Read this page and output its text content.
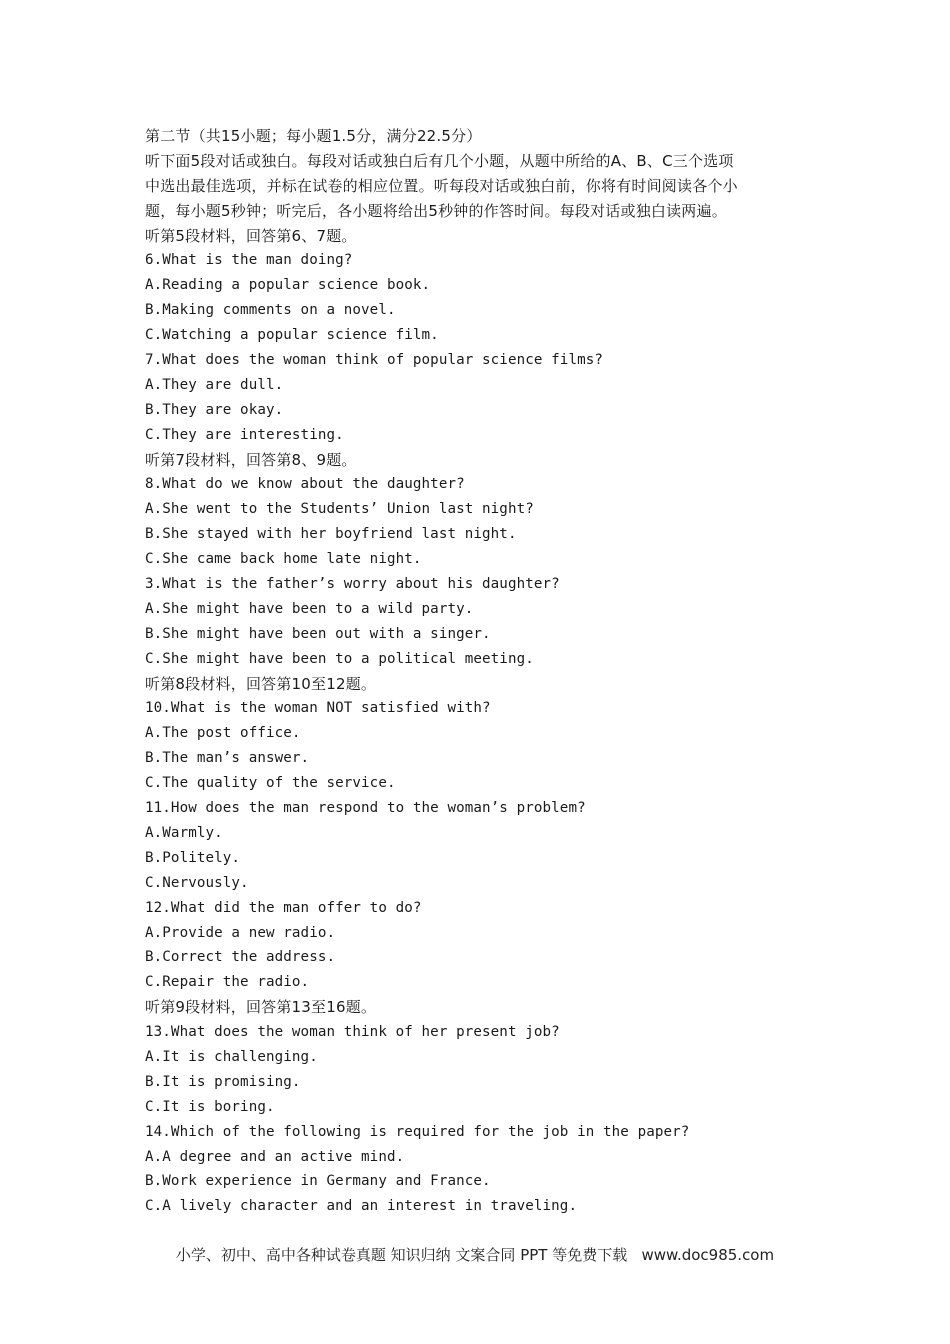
第二节（共15小题；每小题1.5分，满分22.5分）
听下面5段对话或独白。每段对话或独白后有几个小题，从题中所给的A、B、C三个选项
中选出最佳选项，并标在试卷的相应位置。听每段对话或独白前，你将有时间阅读各个小
题，每小题5秒钟；听完后，各小题将给出5秒钟的作答时间。每段对话或独白读两遍。
听第5段材料，回答第6、7题。
6.What is the man doing?
A.Reading a popular science book.
B.Making comments on a novel.
C.Watching a popular science film.
7.What does the woman think of popular science films?
A.They are dull.
B.They are okay.
C.They are interesting.
听第7段材料，回答第8、9题。
8.What do we know about the daughter?
A.She went to the Students’ Union last night?
B.She stayed with her boyfriend last night.
C.She came back home late night.
3.What is the father’s worry about his daughter?
A.She might have been to a wild party.
B.She might have been out with a singer.
C.She might have been to a political meeting.
听第8段材料，回答第10至12题。
10.What is the woman NOT satisfied with?
A.The post office.
B.The man’s answer.
C.The quality of the service.
11.How does the man respond to the woman’s problem?
A.Warmly.
B.Politely.
C.Nervously.
12.What did the man offer to do?
A.Provide a new radio.
B.Correct the address.
C.Repair the radio.
听第9段材料，回答第13至16题。
13.What does the woman think of her present job?
A.It is challenging.
B.It is promising.
C.It is boring.
14.Which of the following is required for the job in the paper?
A.A degree and an active mind.
B.Work experience in Germany and France.
C.A lively character and an interest in traveling.
小学、初中、高中各种试卷真题 知识归纳 文案合同 PPT 等免费下载   www.doc985.com
